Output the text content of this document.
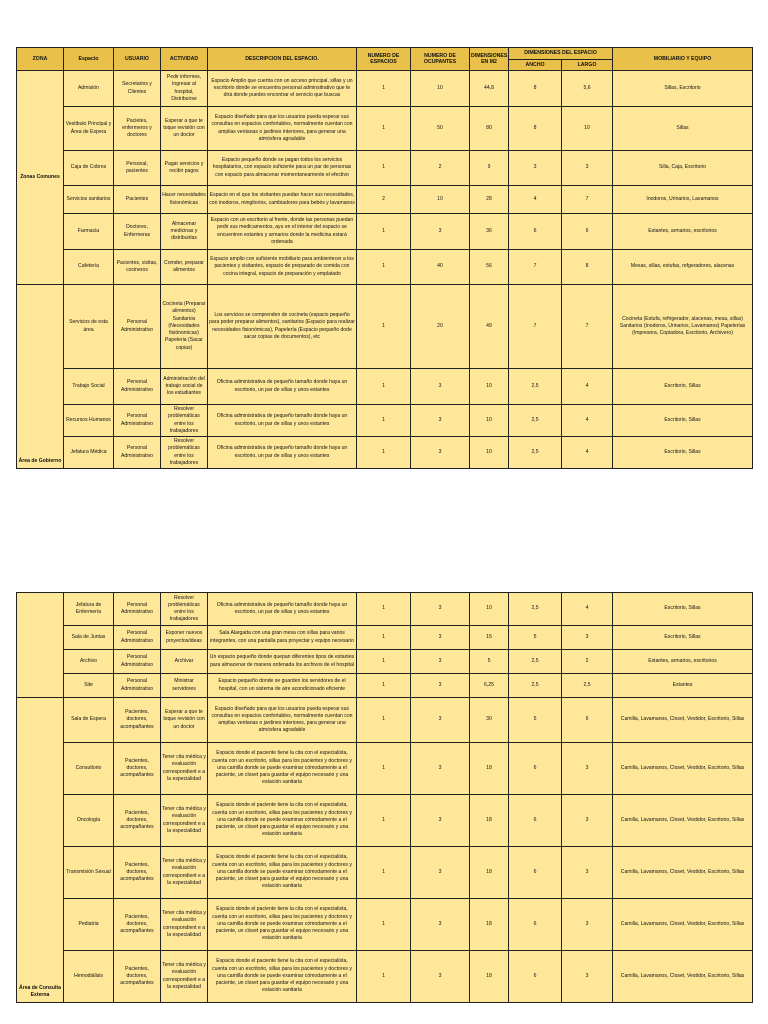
ZONA	Espacio	USUARIO	ACTIVIDAD	DESCRIPCION DEL ESPACIO.	NUMERO DE ESPACIOS	NUMERO DE OCUPANTES	DIMENSIONES EN M2	DIMENSIONES DEL ESPACIO		MOBILIARIO Y EQUIPO
								ANCHO	LARGO	
Zonas Comunes	Admisión	Secretarios y Clientes	Pedir informes, Ingresar al hospital, Distribuirse	Espacio Amplio que cuenta con un acceso principal, sillas y un escritorio donde se encuentra personal adminsitrativo que te dirá donde puedes encontrar el servicio que buscas	1	10	44,8	8	5,6	Sillas, Escritorio
	Vestibulo Principal y Área de Espera	Pacietes, enfermeros y doctores	Esperar a que te toque revisión con un doctor	Espacio diseñado para que los usuarios pueda esperar sus consultas en espacios confortables, normalmente cuentan con amplias ventanas o jardines interiores, para generar una atmósfera agradable	1	50	80	8	10	Sillas
	Caja de Cobros	Personal, pacientes	Pagar servicios y recibir pagos	Espacio pequeño donde se pagan todos los servicios hospitalarios, con espacio suficiente para un par de personas con espacio para almacenar momentaneamente el efectivo	1	2	9	3	3	Silla, Caja, Escritorio
	Servicios sanitarios	Pacientes	Hacer necesidades fisionómicas	Espacio en el que los visitantes puedan hacer sus necesidades, con inodoros, mingitorios, cambiadores para bebés y lavamanos	2	10	28	4	7	Inodoros, Urinarios, Lavamanos
	Farmacia	Doctores, Enfermeras	Almacenar medicinas y distribuirlas	Espacio con un escritorio al frente, donde las personas puedan pedir sus medicamentos, ayu en el interior del espacio se encuentren estantes y armarios donde la medicina estará ordenada	1	3	36	6	6	Estantes, armarios, escritorios
	Cafetería	Pacientes, visitas, cocineros	Comder, preparar alimentos	Espacio amplio con suficiente mobiliario para ambientecer a los pacientes y visitantes, espacio de preparado de comida con cocina integral, espacio de preparación y emplatado	1	40	56	7	8	Mesas, sillas, estufas, refgeradores, alacenas
Área de Gobierno	Servicios de esta área	Personal Administrativo	Cocineta (Preparar alimentos) Sanitarios (Necesidades fisiónomicas) Papeleria (Sacar copias)	Los servicios se comprenden de cocineta (espacio pequeño para poder preparar alimentos), sanitarios (Espacio para realizar necesidades fisionómicas), Papelería (Espacio pequeño dode sacar copias de documentos), etc	1	20	49	7	7	Cocineta (Estufa, refrigerador, alacenas, mesa, sillas) Sanitarios (Inodoros, Urinarios, Lavamanos) Papelerías (Impresora, Copiadora, Escritorio, Archivero)
	Trabajo Social	Personal Administrativo	Administración del trabajo social de los estudiantes	Oficina administrativa de pequeño tamaño donde haya un escritorio, un par de sillas y unos estantes	1	3	10	2,5	4	Escritorio, Sillas
	Recursos Humanos	Personal Administrativo	Resolver problemáticas entre los trabajadores	Oficina administrativa de pequeño tamaño donde haya un escritorio, un par de sillas y unos estantes	1	3	10	2,5	4	Escritorio, Sillas
	Jefatura Médica	Personal Administrativo	Resolver problemáticas entre los trabajadores	Oficina administrativa de pequeño tamaño donde haya un escritorio, un par de sillas y unos estantes	1	3	10	2,5	4	Escritorio, Sillas
	Jefatura de Enfermería	Personal Administrativo	Resolver problemáticas entre los trabajadores	Oficina administrativa de pequeño tamaño donde haya un escritorio, un par de sillas y unos estantes	1	3	10	2,5	4	Escritorio, Sillas
	Sala de Juntas	Personal Administrativo	Exponer nuevos proyectos/ideas	Sala Alargada con una gran mesa con sillas para varios integrantes, con una pantalla para proyectar y equipo necesario	1	3	15	5	3	Escritorio, Sillas
	Archivo	Personal Administrativo	Archivar	Un espacio pequeño donde quepan diferentes tipos de estantes para almacenar de manera ordenada los archivos de el hospital	1	3	5	2,5	2	Estantes, armarios, escritorios
	Site	Personal Administrativo	Ministrar servidores	Espacio pequeño donde se guarden los servidores de el hospital, con un sistema de aire acondicionado eficiente	1	3	6,25	2,5	2,5	Estantes
Área de Consulta Externa	Sala de Espera	Pacientes, doctores, acompañantes	Esperar a que te toque revisión con un doctor	Espacio diseñado para que los usuarios pueda esperar sus consultas en espacios confortables, normalmente cuentan con amplias ventanas o jardines interiores, para generar una atmósfera agradable	1	3	30	5	6	Camilla, Lavamanos, Closet, Vestidor, Escritorio, Sillas
	Consultorio	Pacientes, doctores, acompañantes	Tener cita médica y evaluación correspondient e a la especialidad	Espacio donde el paciente tiene la cita con el especialista, cuenta con un escritorio, sillas para los pacientes y doctores y una camilla donde se puede examinar cómodamente a el paciente, un closet para guardar el equipo necesario y una estación sanitaria	1	3	18	6	3	Camilla, Lavamanos, Closet, Vestidor, Escritorio, Sillas
	Oncología	Pacientes, doctores, acompañantes	Tener cita médica y evaluación correspondient e a la especialidad	Espacio donde el paciente tiene la cita con el especialista, cuenta con un escritorio, sillas para los pacientes y doctores y una camilla donde se puede examinar cómodamente a el paciente, un closet para guardar el equipo necesario y una estación sanitaria	1	3	18	6	3	Camilla, Lavamanos, Closet, Vestidor, Escritorio, Sillas
	Transmisión Sexual	Pacientes, doctores, acompañantes	Tener cita médica y evaluación correspondient e a la especialidad	Espacio donde el paciente tiene la cita con el especialista, cuenta con un escritorio, sillas para los pacientes y doctores y una camilla donde se puede examinar cómodamente a el paciente, un closet para guardar el equipo necesario y una estación sanitaria	1	3	18	6	3	Camilla, Lavamanos, Closet, Vestidor, Escritorio, Sillas
	Pediatria	Pacientes, doctores, acompañantes	Tener cita médica y evaluación correspondient e a la especialidad	Espacio donde el paciente tiene la cita con el especialista, cuenta con un escritorio, sillas para los pacientes y doctores y una camilla donde se puede examinar cómodamente a el paciente, un closet para guardar el equipo necesario y una estación sanitaria	1	3	18	6	3	Camilla, Lavamanos, Closet, Vestidor, Escritorio, Sillas
	Hemodiálisis	Pacientes, doctores, acompañantes	Tener cita médica y evaluación correspondient e a la especialidad	Espacio donde el paciente tiene la cita con el especialista, cuenta con un escritorio, sillas para los pacientes y doctores y una camilla donde se puede examinar cómodamente a el paciente, un closet para guardar el equipo necesario y una estación sanitaria	1	3	18	6	3	Camilla, Lavamanos, Closet, Vestidor, Escritorio, Sillas
